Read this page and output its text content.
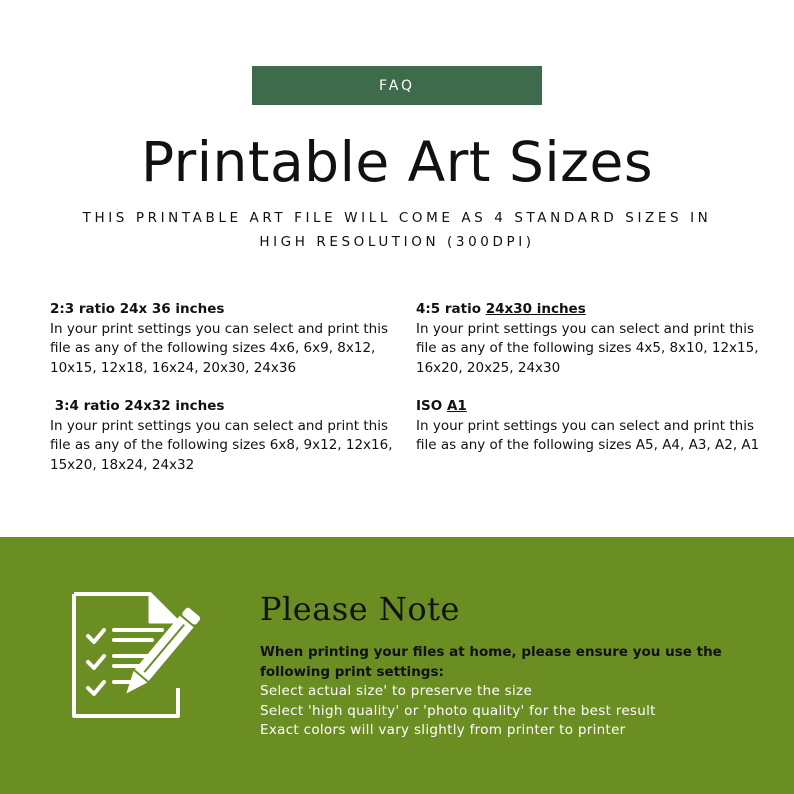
FAQ
Printable Art Sizes

THIS PRINTABLE ART FILE WILL COME AS 4 STANDARD SIZES IN HIGH RESOLUTION (300DPI)

2:3 ratio 24x 36 inches
In your print settings you can select and print this file as any of the following sizes 4x6, 6x9, 8x12, 10x15, 12x18, 16x24, 20x30, 24x36
4:5 ratio 24x30 inches
In your print settings you can select and print this file as any of the following sizes 4x5, 8x10, 12x15, 16x20, 20x25, 24x30
3:4 ratio 24x32 inches
In your print settings you can select and print this file as any of the following sizes 6x8, 9x12, 12x16, 15x20, 18x24, 24x32
ISO A1
In your print settings you can select and print this file as any of the following sizes A5, A4, A3, A2, A1
Please Note
When printing your files at home, please ensure you use the following print settings:
Select actual size' to preserve the size
Select 'high quality' or 'photo quality' for the best result
Exact colors will vary slightly from printer to printer
